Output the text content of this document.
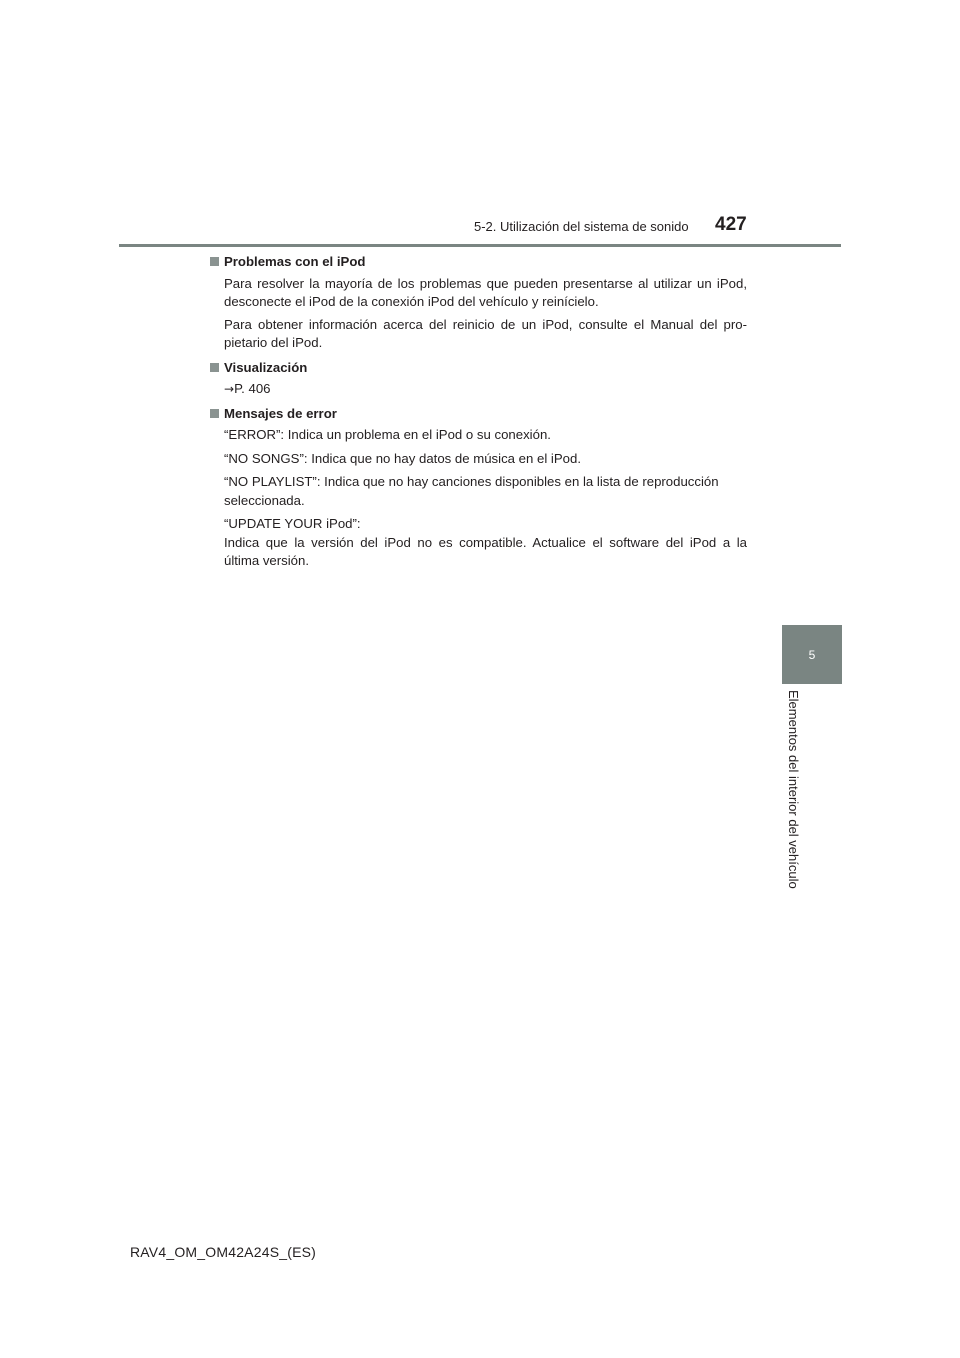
5-2. Utilización del sistema de sonido 427
5
Elementos del interior del vehículo
Problemas con el iPod
Para resolver la mayoría de los problemas que pueden presentarse al utilizar un iPod,
desconecte el iPod de la conexión iPod del vehículo y reinícielo.
Para obtener información acerca del reinicio de un iPod, consulte el Manual del pro-
pietario del iPod.
Visualización
→P. 406
Mensajes de error
“ERROR”: Indica un problema en el iPod o su conexión.
“NO SONGS”: Indica que no hay datos de música en el iPod.
“NO PLAYLIST”: Indica que no hay canciones disponibles en la lista de reproducción seleccionada.
“UPDATE YOUR iPod”:
Indica que la versión del iPod no es compatible. Actualice el software del iPod a la
última versión.
RAV4_OM_OM42A24S_(ES)
